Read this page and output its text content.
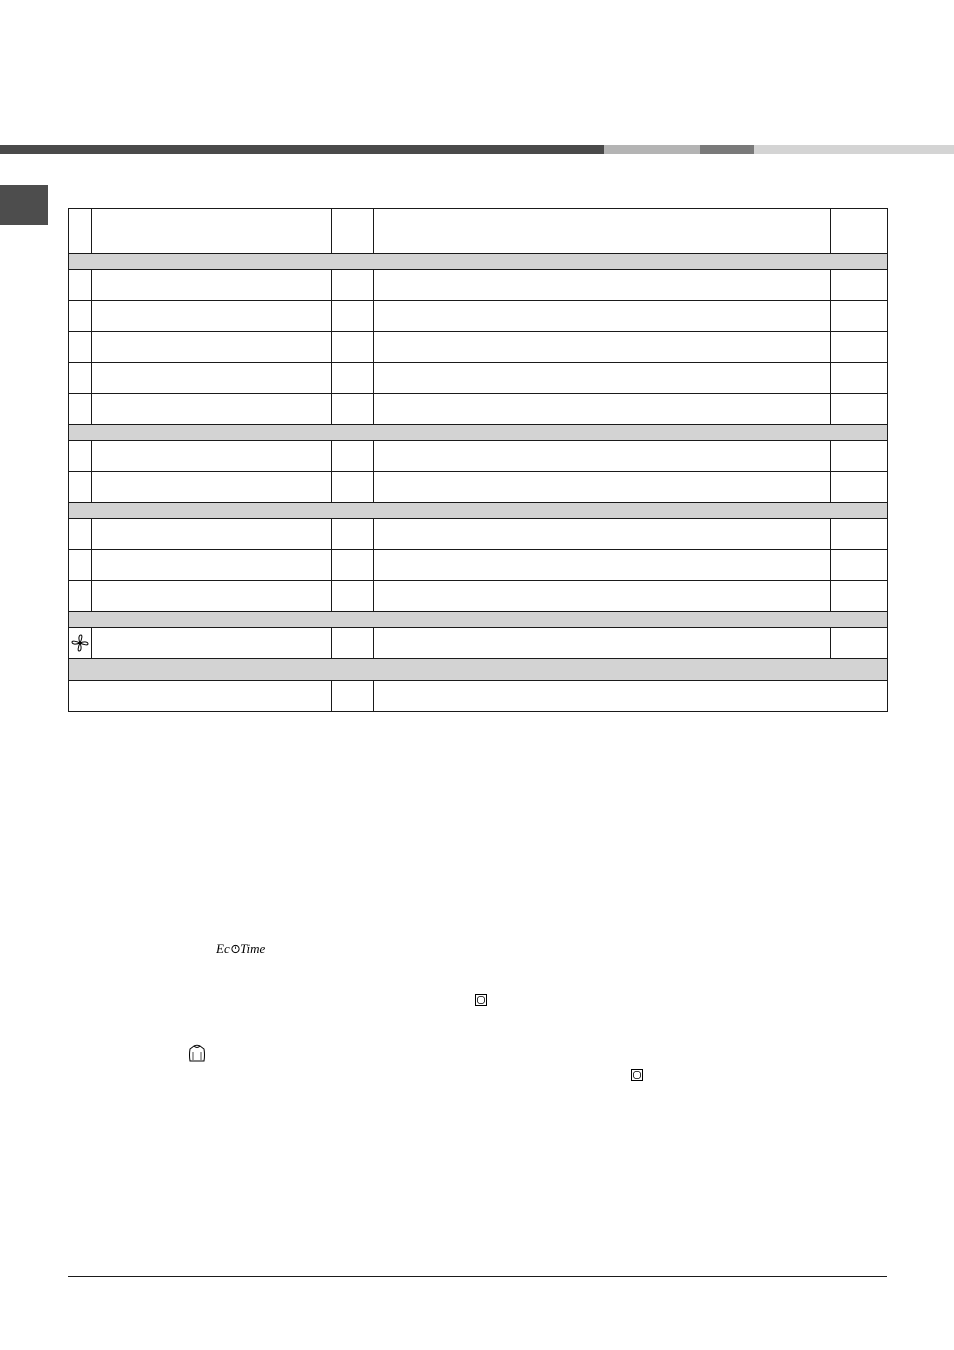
Ec Time
